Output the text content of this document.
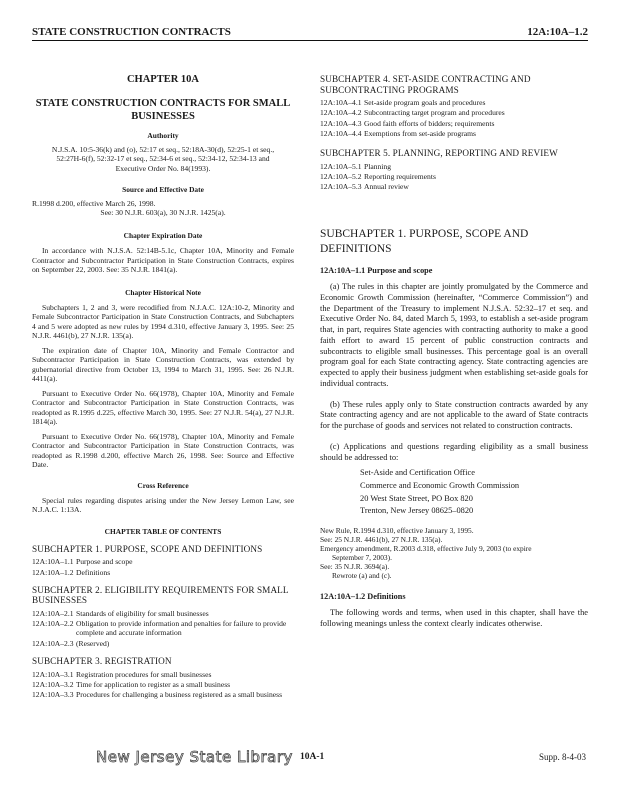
STATE CONSTRUCTION CONTRACTS	12A:10A–1.2
CHAPTER 10A
STATE CONSTRUCTION CONTRACTS FOR SMALL BUSINESSES
Authority
N.J.S.A. 10:5-36(k) and (o), 52:17 et seq., 52:18A-30(d), 52:25-1 et seq., 52:27H-6(f), 52:32-17 et seq., 52:34-6 et seq., 52:34-12, 52:34-13 and Executive Order No. 84(1993).
Source and Effective Date
R.1998 d.200, effective March 26, 1998.
See: 30 N.J.R. 603(a), 30 N.J.R. 1425(a).
Chapter Expiration Date
In accordance with N.J.S.A. 52:14B-5.1c, Chapter 10A, Minority and Female Contractor and Subcontractor Participation in State Construction Contracts, expires on September 22, 2003. See: 35 N.J.R. 1841(a).
Chapter Historical Note
Subchapters 1, 2 and 3, were recodified from N.J.A.C. 12A:10-2, Minority and Female Subcontractor Participation in State Construction Contracts, and Subchapters 4 and 5 were adopted as new rules by 1994 d.310, effective January 3, 1995. See: 25 N.J.R. 4461(b), 27 N.J.R. 135(a).
The expiration date of Chapter 10A, Minority and Female Contractor and Subcontractor Participation in State Construction Contracts, was extended by gubernatorial directive from October 13, 1994 to March 31, 1995. See: 26 N.J.R. 4411(a).
Pursuant to Executive Order No. 66(1978), Chapter 10A, Minority and Female Contractor and Subcontractor Participation in State Construction Contracts, was readopted as R.1995 d.225, effective March 30, 1995. See: 27 N.J.R. 54(a), 27 N.J.R. 1814(a).
Pursuant to Executive Order No. 66(1978), Chapter 10A, Minority and Female Contractor and Subcontractor Participation in State Construction Contracts, was readopted as R.1998 d.200, effective March 26, 1998. See: Source and Effective Date.
Cross Reference
Special rules regarding disputes arising under the New Jersey Lemon Law, see N.J.A.C. 1:13A.
CHAPTER TABLE OF CONTENTS
SUBCHAPTER 1. PURPOSE, SCOPE AND DEFINITIONS
12A:10A–1.1 Purpose and scope
12A:10A–1.2 Definitions
SUBCHAPTER 2. ELIGIBILITY REQUIREMENTS FOR SMALL BUSINESSES
12A:10A–2.1 Standards of eligibility for small businesses
12A:10A–2.2 Obligation to provide information and penalties for failure to provide complete and accurate information
12A:10A–2.3 (Reserved)
SUBCHAPTER 3. REGISTRATION
12A:10A–3.1 Registration procedures for small businesses
12A:10A–3.2 Time for application to register as a small business
12A:10A–3.3 Procedures for challenging a business registered as a small business
SUBCHAPTER 4. SET-ASIDE CONTRACTING AND SUBCONTRACTING PROGRAMS
12A:10A–4.1 Set-aside program goals and procedures
12A:10A–4.2 Subcontracting target program and procedures
12A:10A–4.3 Good faith efforts of bidders; requirements
12A:10A–4.4 Exemptions from set-aside programs
SUBCHAPTER 5. PLANNING, REPORTING AND REVIEW
12A:10A–5.1 Planning
12A:10A–5.2 Reporting requirements
12A:10A–5.3 Annual review
SUBCHAPTER 1. PURPOSE, SCOPE AND DEFINITIONS
12A:10A–1.1 Purpose and scope
(a) The rules in this chapter are jointly promulgated by the Commerce and Economic Growth Commission (hereinafter, “Commerce Commission”) and the Department of the Treasury to implement N.J.S.A. 52:32–17 et seq. and Executive Order No. 84, dated March 5, 1993, to establish a set-aside program that, in part, requires State agencies with contracting authority to make a good faith effort to award 15 percent of public construction contracts and subcontracts to eligible small businesses. This percentage goal is an overall program goal for each State contracting agency. State contracting agencies are expected to apply their business judgment when establishing set-aside goals for individual contracts.
(b) These rules apply only to State construction contracts awarded by any State contracting agency and are not applicable to the award of State contracts for the purchase of goods and services not related to construction contracts.
(c) Applications and questions regarding eligibility as a small business should be addressed to:
Set-Aside and Certification Office
Commerce and Economic Growth Commission
20 West State Street, PO Box 820
Trenton, New Jersey 08625–0820
New Rule, R.1994 d.310, effective January 3, 1995.
See: 25 N.J.R. 4461(b), 27 N.J.R. 135(a).
Emergency amendment, R.2003 d.318, effective July 9, 2003 (to expire
September 7, 2003).
See: 35 N.J.R. 3694(a).
Rewrote (a) and (c).
12A:10A–1.2 Definitions
The following words and terms, when used in this chapter, shall have the following meanings unless the context clearly indicates otherwise.
New Jersey State Library 10A-1	Supp. 8-4-03
